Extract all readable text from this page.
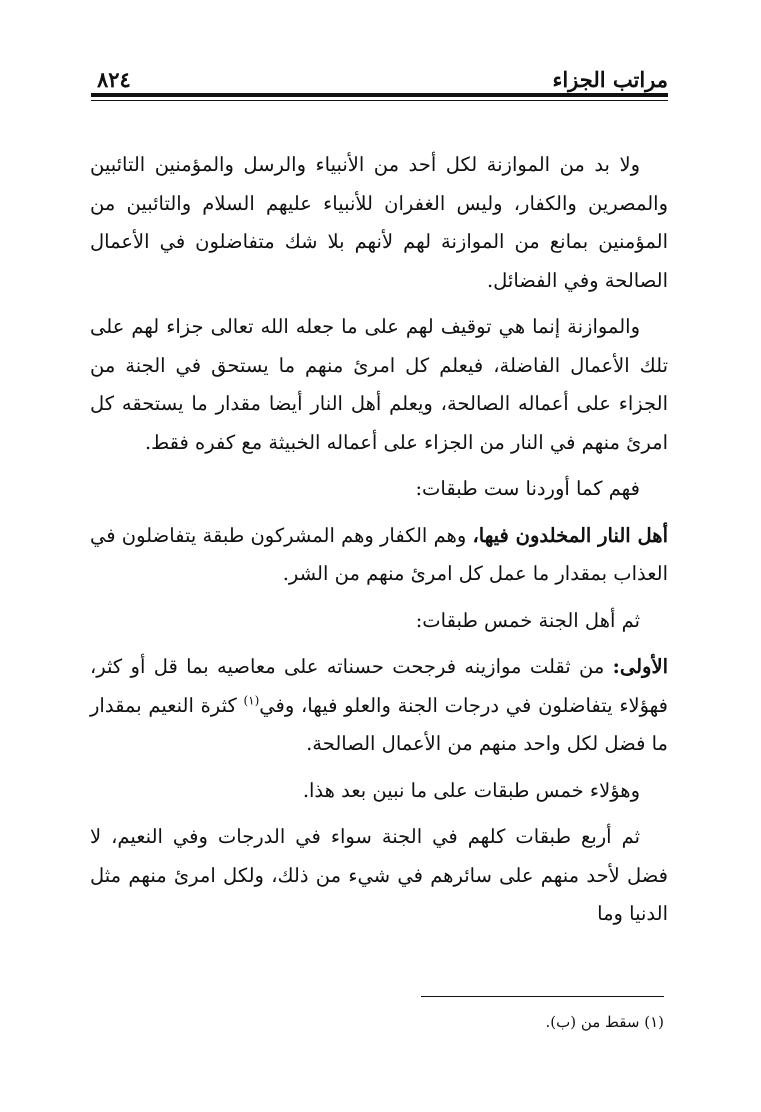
مراتب الجزاء
٨٢٤

ولا بد من الموازنة لكل أحد من الأنبياء والرسل والمؤمنين التائبين والمصرين والكفار، وليس الغفران للأنبياء عليهم السلام والتائبين من المؤمنين بمانع من الموازنة لهم لأنهم بلا شك متفاضلون في الأعمال الصالحة وفي الفضائل.

والموازنة إنما هي توقيف لهم على ما جعله الله تعالى جزاء لهم على تلك الأعمال الفاضلة، فيعلم كل امرئ منهم ما يستحق في الجنة من الجزاء على أعماله الصالحة، ويعلم أهل النار أيضا مقدار ما يستحقه كل امرئ منهم في النار من الجزاء على أعماله الخبيثة مع كفره فقط.

فهم كما أوردنا ست طبقات:

أهل النار المخلدون فيها، وهم الكفار وهم المشركون طبقة يتفاضلون في العذاب بمقدار ما عمل كل امرئ منهم من الشر.

ثم أهل الجنة خمس طبقات:

الأولى: من ثقلت موازينه فرجحت حسناته على معاصيه بما قل أو كثر، فهؤلاء يتفاضلون في درجات الجنة والعلو فيها، وفي$^{(١)}$ كثرة النعيم بمقدار ما فضل لكل واحد منهم من الأعمال الصالحة.

وهؤلاء خمس طبقات على ما نبين بعد هذا.

ثم أربع طبقات كلهم في الجنة سواء في الدرجات وفي النعيم، لا فضل لأحد منهم على سائرهم في شيء من ذلك، ولكل امرئ منهم مثل الدنيا وما

(١) سقط من (ب).
